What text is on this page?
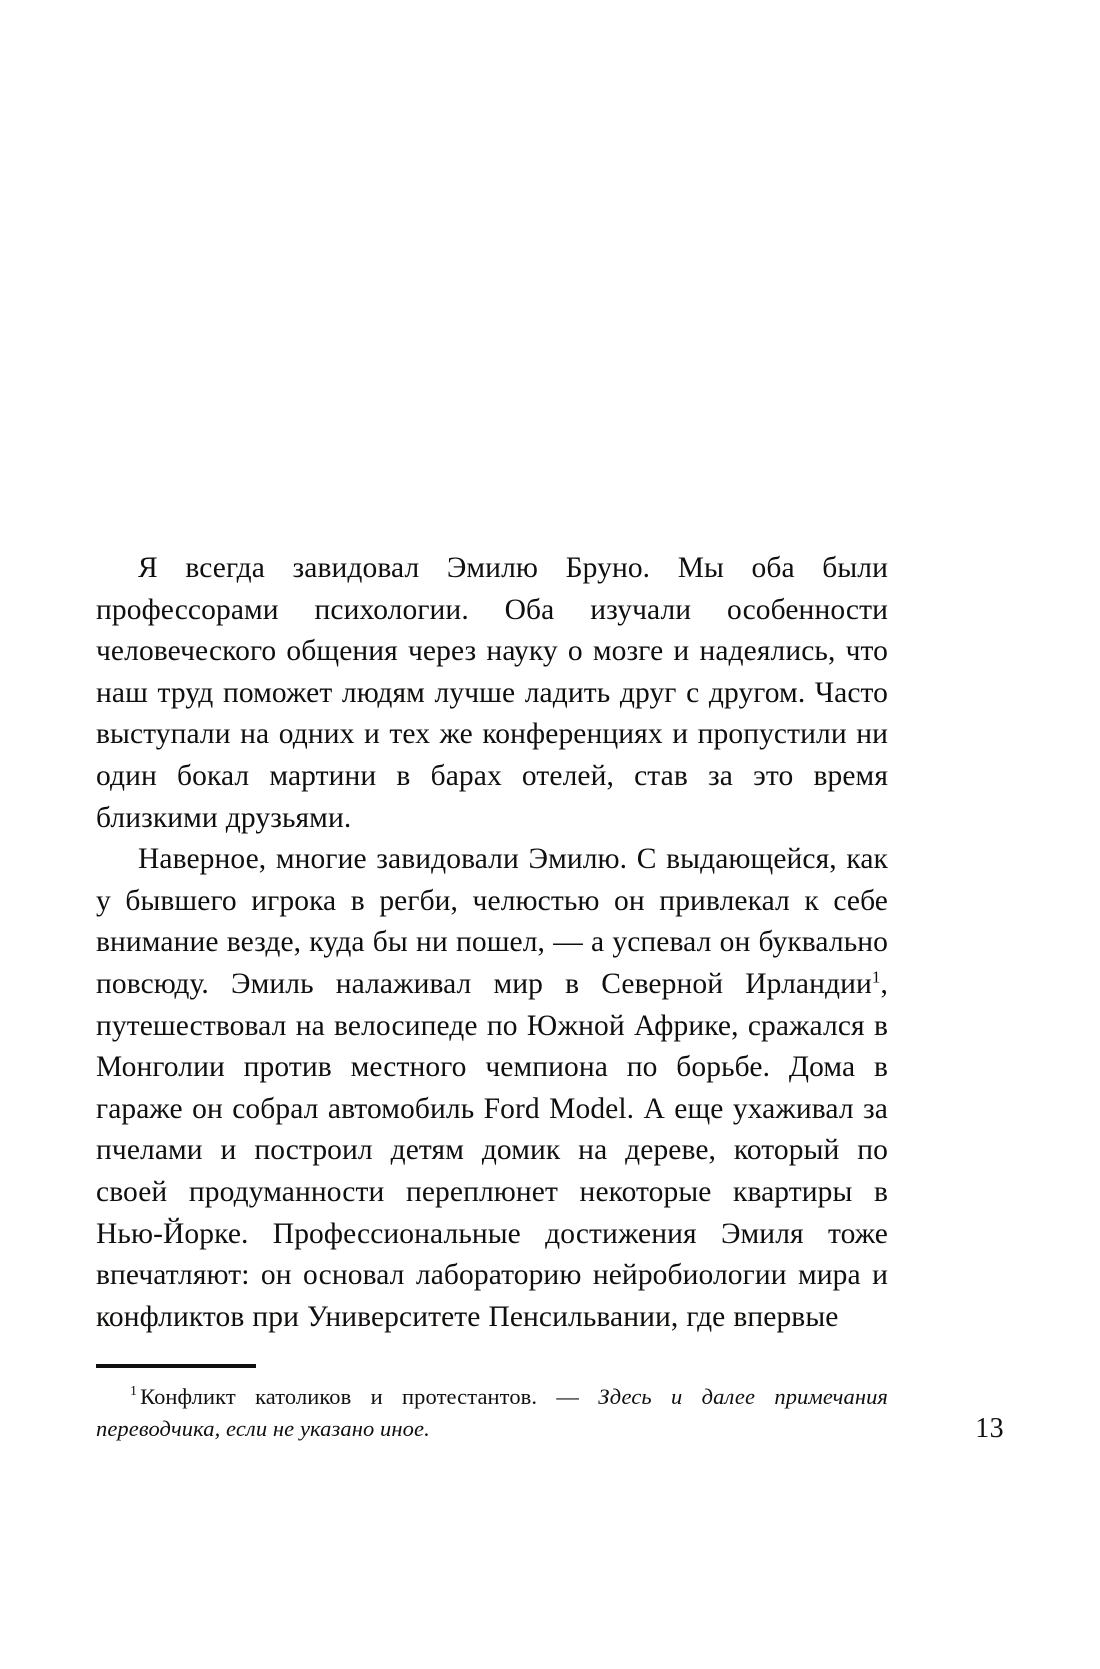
Я всегда завидовал Эмилю Бруно. Мы оба были профессорами психологии. Оба изучали особенности человеческого общения через науку о мозге и надеялись, что наш труд поможет людям лучше ладить друг с другом. Часто выступали на одних и тех же конференциях и пропустили ни один бокал мартини в барах отелей, став за это время близкими друзьями.

Наверное, многие завидовали Эмилю. С выдающейся, как у бывшего игрока в регби, челюстью он привлекал к себе внимание везде, куда бы ни пошел, — а успевал он буквально повсюду. Эмиль налаживал мир в Северной Ирландии$^1$, путешествовал на велосипеде по Южной Африке, сражался в Монголии против местного чемпиона по борьбе. Дома в гараже он собрал автомобиль Ford Model. А еще ухаживал за пчелами и построил детям домик на дереве, который по своей продуманности переплюнет некоторые квартиры в Нью-Йорке. Профессиональные достижения Эмиля тоже впечатляют: он основал лабораторию нейробиологии мира и конфликтов при Университете Пенсильвании, где впервые

$^1$ Конфликт католиков и протестантов. — Здесь и далее примечания переводчика, если не указано иное.	13
